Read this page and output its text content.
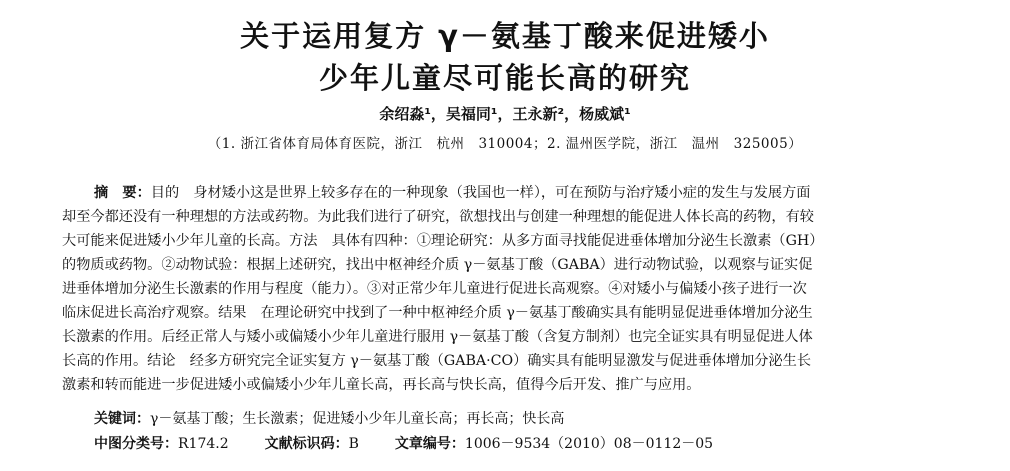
关于运用复方 γ－氨基丁酸来促进矮小
少年儿童尽可能长高的研究
余绍淼¹，吴福同¹，王永新²，杨威斌¹
（1. 浙江省体育局体育医院，浙江　杭州　310004；2. 温州医学院，浙江　温州　325005）
摘　要：目的　身材矮小这是世界上较多存在的一种现象（我国也一样），可在预防与治疗矮小症的发生与发展方面
却至今都还没有一种理想的方法或药物。为此我们进行了研究，欲想找出与创建一种理想的能促进人体长高的药物，有较
大可能来促进矮小少年儿童的长高。方法　具体有四种：①理论研究：从多方面寻找能促进垂体增加分泌生长激素（GH）
的物质或药物。②动物试验：根据上述研究，找出中枢神经介质 γ－氨基丁酸（GABA）进行动物试验，以观察与证实促
进垂体增加分泌生长激素的作用与程度（能力）。③对正常少年儿童进行促进长高观察。④对矮小与偏矮小孩子进行一次
临床促进长高治疗观察。结果　在理论研究中找到了一种中枢神经介质 γ－氨基丁酸确实具有能明显促进垂体增加分泌生
长激素的作用。后经正常人与矮小或偏矮小少年儿童进行服用 γ－氨基丁酸（含复方制剂）也完全证实具有明显促进人体
长高的作用。结论　经多方研究完全证实复方 γ－氨基丁酸（GABA·CO）确实具有能明显激发与促进垂体增加分泌生长
激素和转而能进一步促进矮小或偏矮小少年儿童长高，再长高与快长高，值得今后开发、推广与应用。
关键词：γ－氨基丁酸；生长激素；促进矮小少年儿童长高；再长高；快长高
中图分类号：R174.2	文献标识码：B	文章编号：1006－9534（2010）08－0112－05
